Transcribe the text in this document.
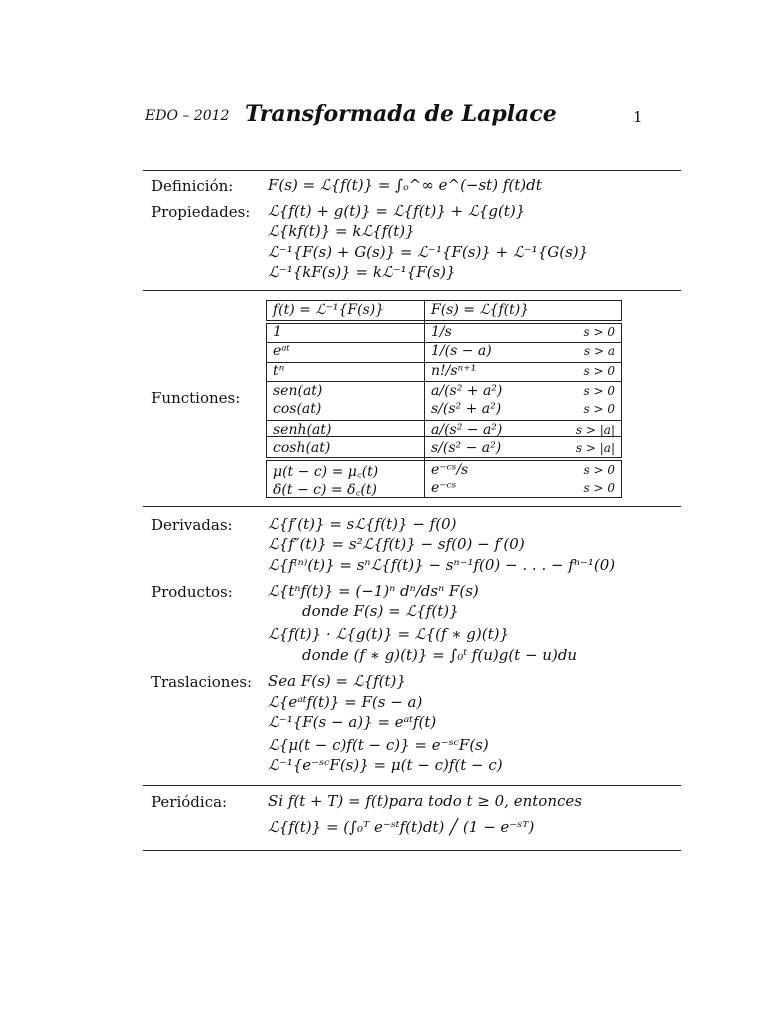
EDO – 2012 Transformada de Laplace	1
Definición: F(s) = ℒ{f(t)} = ∫ₒ^∞ e^(−st) f(t)dt
Propiedades: ℒ{f(t) + g(t)} = ℒ{f(t)} + ℒ{g(t)}
ℒ{kf(t)} = kℒ{f(t)}
ℒ⁻¹{F(s) + G(s)} = ℒ⁻¹{F(s)} + ℒ⁻¹{G(s)}
ℒ⁻¹{kF(s)} = kℒ⁻¹{F(s)}
Functiones:
f(t) = ℒ⁻¹{F(s)}	F(s) = ℒ{f(t)}
1	1/s	s > 0
eᵃᵗ	1/(s − a)	s > a
tⁿ	n!/sⁿ⁺¹	s > 0
sen(at)	a/(s² + a²)	s > 0
cos(at)	s/(s² + a²)	s > 0
senh(at)	a/(s² − a²)	s > |a|
cosh(at)	s/(s² − a²)	s > |a|
μ(t − c) = μ꜀(t)	e⁻ᶜˢ/s	s > 0
δ(t − c) = δ꜀(t)	e⁻ᶜˢ	s > 0
Derivadas: ℒ{f′(t)} = sℒ{f(t)} − f(0)
ℒ{f″(t)} = s²ℒ{f(t)} − sf(0) − f′(0)
ℒ{f⁽ⁿ⁾(t)} = sⁿℒ{f(t)} − sⁿ⁻¹f(0) − . . . − fⁿ⁻¹(0)
Productos: ℒ{tⁿf(t)} = (−1)ⁿ dⁿ/dsⁿ F(s)
donde F(s) = ℒ{f(t)}
ℒ{f(t)} · ℒ{g(t)} = ℒ{(f ∗ g)(t)}
donde (f ∗ g)(t)} = ∫₀ᵗ f(u)g(t − u)du
Traslaciones: Sea F(s) = ℒ{f(t)}
ℒ{eᵃᵗf(t)} = F(s − a)
ℒ⁻¹{F(s − a)} = eᵃᵗf(t)
ℒ{μ(t − c)f(t − c)} = e⁻ˢᶜF(s)
ℒ⁻¹{e⁻ˢᶜF(s)} = μ(t − c)f(t − c)
Periódica:	Si f(t + T) = f(t)para todo t ≥ 0, entonces
ℒ{f(t)} = (∫₀ᵀ e⁻ˢᵗf(t)dt) ╱ (1 − e⁻ˢᵀ)
